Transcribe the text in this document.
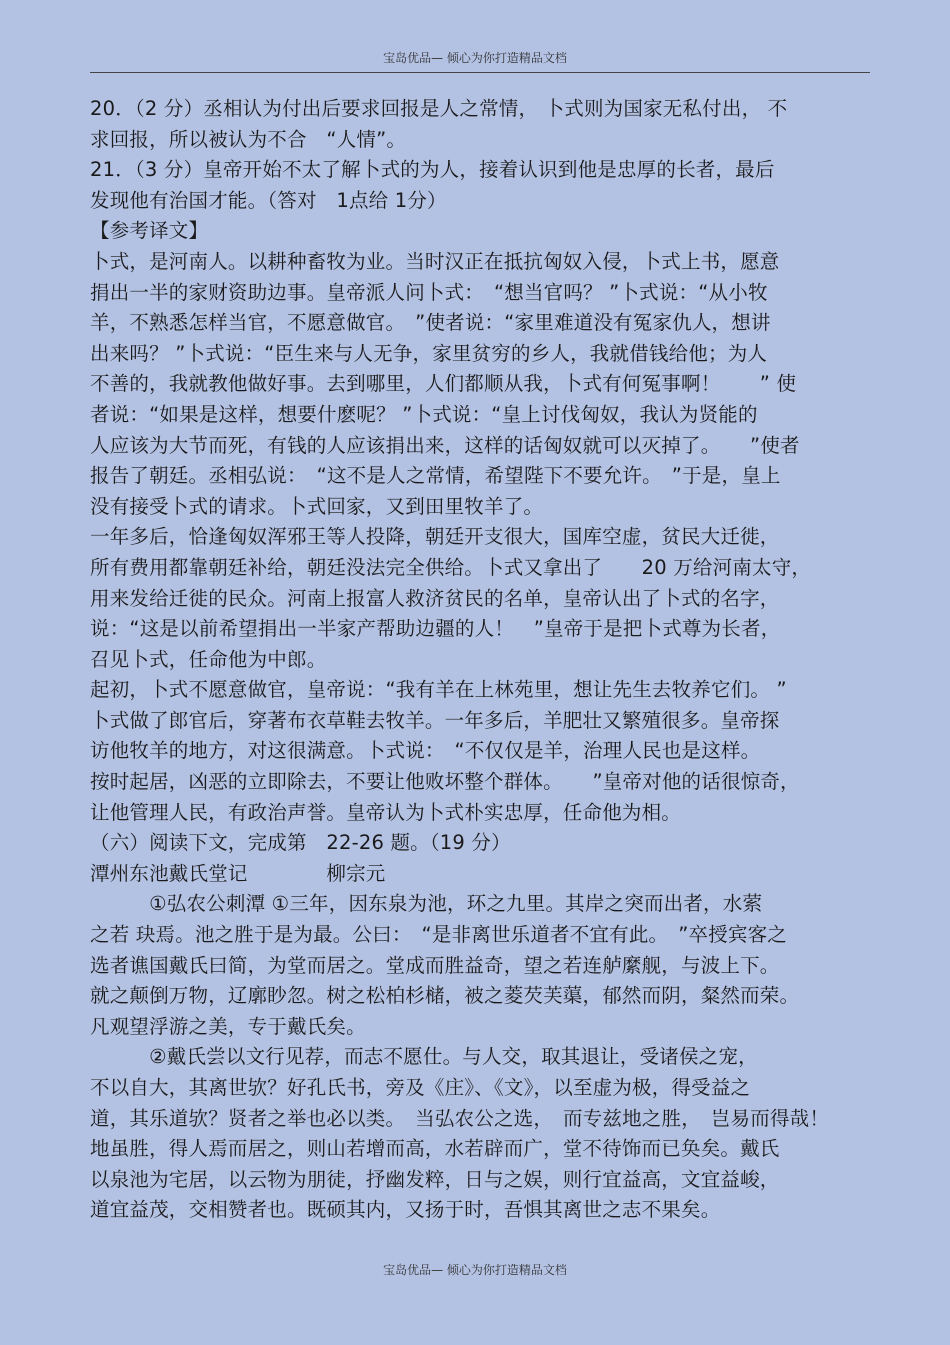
宝岛优品— 倾心为你打造精品文档
20．（2 分）丞相认为付出后要求回报是人之常情， 卜式则为国家无私付出， 不
求回报，所以被认为不合　“人情”。
21．（3 分）皇帝开始不太了解卜式的为人，接着认识到他是忠厚的长者，最后
发现他有治国才能。（答对　1点给 1分）
【参考译文】
卜式，是河南人。以耕种畜牧为业。当时汉正在抵抗匈奴入侵，卜式上书，愿意
捐出一半的家财资助边事。皇帝派人问卜式：　“想当官吗？ ”卜式说：“从小牧
羊，不熟悉怎样当官，不愿意做官。　”使者说：“家里难道没有冤家仇人，想讲
出来吗？ ”卜式说：“臣生来与人无争，家里贫穷的乡人，我就借钱给他；为人
不善的，我就教他做好事。去到哪里，人们都顺从我，卜式有何冤事啊！　　” 使
者说：“如果是这样，想要什麽呢？ ”卜式说：“皇上讨伐匈奴，我认为贤能的
人应该为大节而死，有钱的人应该捐出来，这样的话匈奴就可以灭掉了。　　”使者
报告了朝廷。丞相弘说：　“这不是人之常情，希望陛下不要允许。　”于是，皇上
没有接受卜式的请求。卜式回家，又到田里牧羊了。
一年多后，恰逢匈奴浑邪王等人投降，朝廷开支很大，国库空虚，贫民大迁徙，
所有费用都靠朝廷补给，朝廷没法完全供给。卜式又拿出了　　20 万给河南太守，
用来发给迁徙的民众。河南上报富人救济贫民的名单，皇帝认出了卜式的名字，
说：“这是以前希望捐出一半家产帮助边疆的人！　”皇帝于是把卜式尊为长者，
召见卜式，任命他为中郎。
起初，卜式不愿意做官，皇帝说：“我有羊在上林苑里，想让先生去牧养它们。 ”
卜式做了郎官后，穿著布衣草鞋去牧羊。一年多后，羊肥壮又繁殖很多。皇帝探
访他牧羊的地方，对这很满意。卜式说：　“不仅仅是羊，治理人民也是这样。
按时起居，凶恶的立即除去，不要让他败坏整个群体。　　”皇帝对他的话很惊奇，
让他管理人民，有政治声誉。皇帝认为卜式朴实忠厚，任命他为相。
（六）阅读下文，完成第　22-26 题。（19 分）
潭州东池戴氏堂记　　　　柳宗元
　　　①弘农公刺潭 ①三年，因东泉为池，环之九里。其岸之突而出者，水萦
之若 玦焉。池之胜于是为最。公曰：　“是非离世乐道者不宜有此。　”卒授宾客之
选者谯国戴氏曰简，为堂而居之。堂成而胜益奇，望之若连舻縻舰，与波上下。
就之颠倒万物，辽廓眇忽。树之松柏杉槠，被之菱芡芙蕖，郁然而阴，粲然而荣。
凡观望浮游之美，专于戴氏矣。
　　　②戴氏尝以文行见荐，而志不愿仕。与人交，取其退让，受诸侯之宠，
不以自大，其离世欤？好孔氏书，旁及《庄》、《文》，以至虚为极，得受益之
道，其乐道欤？贤者之举也必以类。　当弘农公之选，　而专兹地之胜，　岂易而得哉！
地虽胜，得人焉而居之，则山若增而高，水若辟而广，堂不待饰而已奂矣。戴氏
以泉池为宅居，以云物为朋徒，抒幽发粹，日与之娱，则行宜益高，文宜益峻，
道宜益茂，交相赞者也。既硕其内，又扬于时，吾惧其离世之志不果矣。
宝岛优品— 倾心为你打造精品文档
